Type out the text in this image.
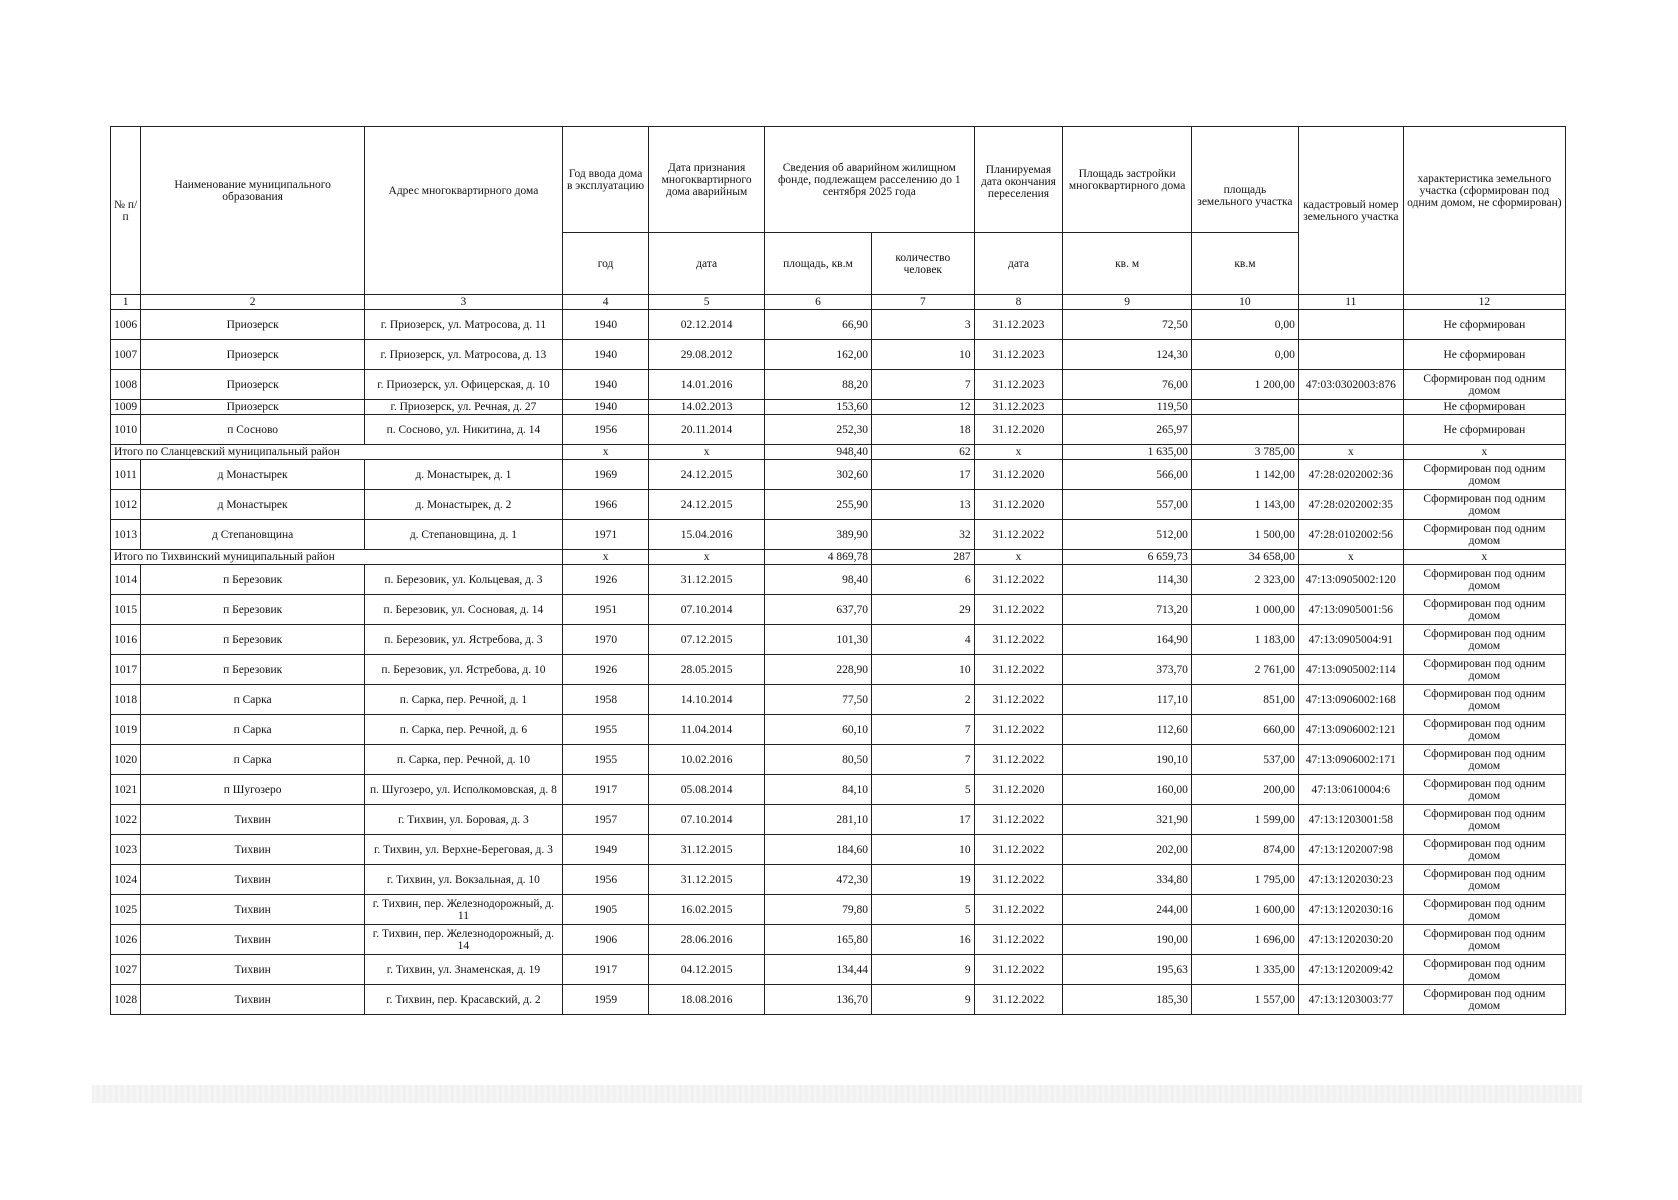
№ п/п	Наименование муниципального образования	Адрес многоквартирного дома	Год ввода дома в эксплуатацию	Дата признания многоквартирного дома аварийным	Сведения об аварийном жилищном фонде, подлежащем расселению до 1 сентября 2025 года		Планируемая дата окончания переселения	Площадь застройки многоквартирного дома	площадь земельного участка	кадастровый номер земельного участка	характеристика земельного участка (сформирован под одним домом, не сформирован)
			год	дата	площадь, кв.м	количество человек	дата	кв. м	кв.м		
1	2	3	4	5	6	7	8	9	10	11	12
1006	Приозерск	г. Приозерск, ул. Матросова, д. 11	1940	02.12.2014	66,90	3	31.12.2023	72,50	0,00		Не сформирован
1007	Приозерск	г. Приозерск, ул. Матросова, д. 13	1940	29.08.2012	162,00	10	31.12.2023	124,30	0,00		Не сформирован
1008	Приозерск	г. Приозерск, ул. Офицерская, д. 10	1940	14.01.2016	88,20	7	31.12.2023	76,00	1 200,00	47:03:0302003:876	Сформирован под одним домом
1009	Приозерск	г. Приозерск, ул. Речная, д. 27	1940	14.02.2013	153,60	12	31.12.2023	119,50			Не сформирован
1010	п Сосново	п. Сосново, ул. Никитина, д. 14	1956	20.11.2014	252,30	18	31.12.2020	265,97			Не сформирован
Итого по Сланцевский муниципальный район			x	x	948,40	62	x	1 635,00	3 785,00	x	x
1011	д Монастырек	д. Монастырек, д. 1	1969	24.12.2015	302,60	17	31.12.2020	566,00	1 142,00	47:28:0202002:36	Сформирован под одним домом
1012	д Монастырек	д. Монастырек, д. 2	1966	24.12.2015	255,90	13	31.12.2020	557,00	1 143,00	47:28:0202002:35	Сформирован под одним домом
1013	д Степановщина	д. Степановщина, д. 1	1971	15.04.2016	389,90	32	31.12.2022	512,00	1 500,00	47:28:0102002:56	Сформирован под одним домом
Итого по Тихвинский муниципальный район			x	x	4 869,78	287	x	6 659,73	34 658,00	x	x
1014	п Березовик	п. Березовик, ул. Кольцевая, д. 3	1926	31.12.2015	98,40	6	31.12.2022	114,30	2 323,00	47:13:0905002:120	Сформирован под одним домом
1015	п Березовик	п. Березовик, ул. Сосновая, д. 14	1951	07.10.2014	637,70	29	31.12.2022	713,20	1 000,00	47:13:0905001:56	Сформирован под одним домом
1016	п Березовик	п. Березовик, ул. Ястребова, д. 3	1970	07.12.2015	101,30	4	31.12.2022	164,90	1 183,00	47:13:0905004:91	Сформирован под одним домом
1017	п Березовик	п. Березовик, ул. Ястребова, д. 10	1926	28.05.2015	228,90	10	31.12.2022	373,70	2 761,00	47:13:0905002:114	Сформирован под одним домом
1018	п Сарка	п. Сарка, пер. Речной, д. 1	1958	14.10.2014	77,50	2	31.12.2022	117,10	851,00	47:13:0906002:168	Сформирован под одним домом
1019	п Сарка	п. Сарка, пер. Речной, д. 6	1955	11.04.2014	60,10	7	31.12.2022	112,60	660,00	47:13:0906002:121	Сформирован под одним домом
1020	п Сарка	п. Сарка, пер. Речной, д. 10	1955	10.02.2016	80,50	7	31.12.2022	190,10	537,00	47:13:0906002:171	Сформирован под одним домом
1021	п Шугозеро	п. Шугозеро, ул. Исполкомовская, д. 8	1917	05.08.2014	84,10	5	31.12.2020	160,00	200,00	47:13:0610004:6	Сформирован под одним домом
1022	Тихвин	г. Тихвин, ул. Боровая, д. 3	1957	07.10.2014	281,10	17	31.12.2022	321,90	1 599,00	47:13:1203001:58	Сформирован под одним домом
1023	Тихвин	г. Тихвин, ул. Верхне-Береговая, д. 3	1949	31.12.2015	184,60	10	31.12.2022	202,00	874,00	47:13:1202007:98	Сформирован под одним домом
1024	Тихвин	г. Тихвин, ул. Вокзальная, д. 10	1956	31.12.2015	472,30	19	31.12.2022	334,80	1 795,00	47:13:1202030:23	Сформирован под одним домом
1025	Тихвин	г. Тихвин, пер. Железнодорожный, д. 11	1905	16.02.2015	79,80	5	31.12.2022	244,00	1 600,00	47:13:1202030:16	Сформирован под одним домом
1026	Тихвин	г. Тихвин, пер. Железнодорожный, д. 14	1906	28.06.2016	165,80	16	31.12.2022	190,00	1 696,00	47:13:1202030:20	Сформирован под одним домом
1027	Тихвин	г. Тихвин, ул. Знаменская, д. 19	1917	04.12.2015	134,44	9	31.12.2022	195,63	1 335,00	47:13:1202009:42	Сформирован под одним домом
1028	Тихвин	г. Тихвин, пер. Красавский, д. 2	1959	18.08.2016	136,70	9	31.12.2022	185,30	1 557,00	47:13:1203003:77	Сформирован под одним домом
